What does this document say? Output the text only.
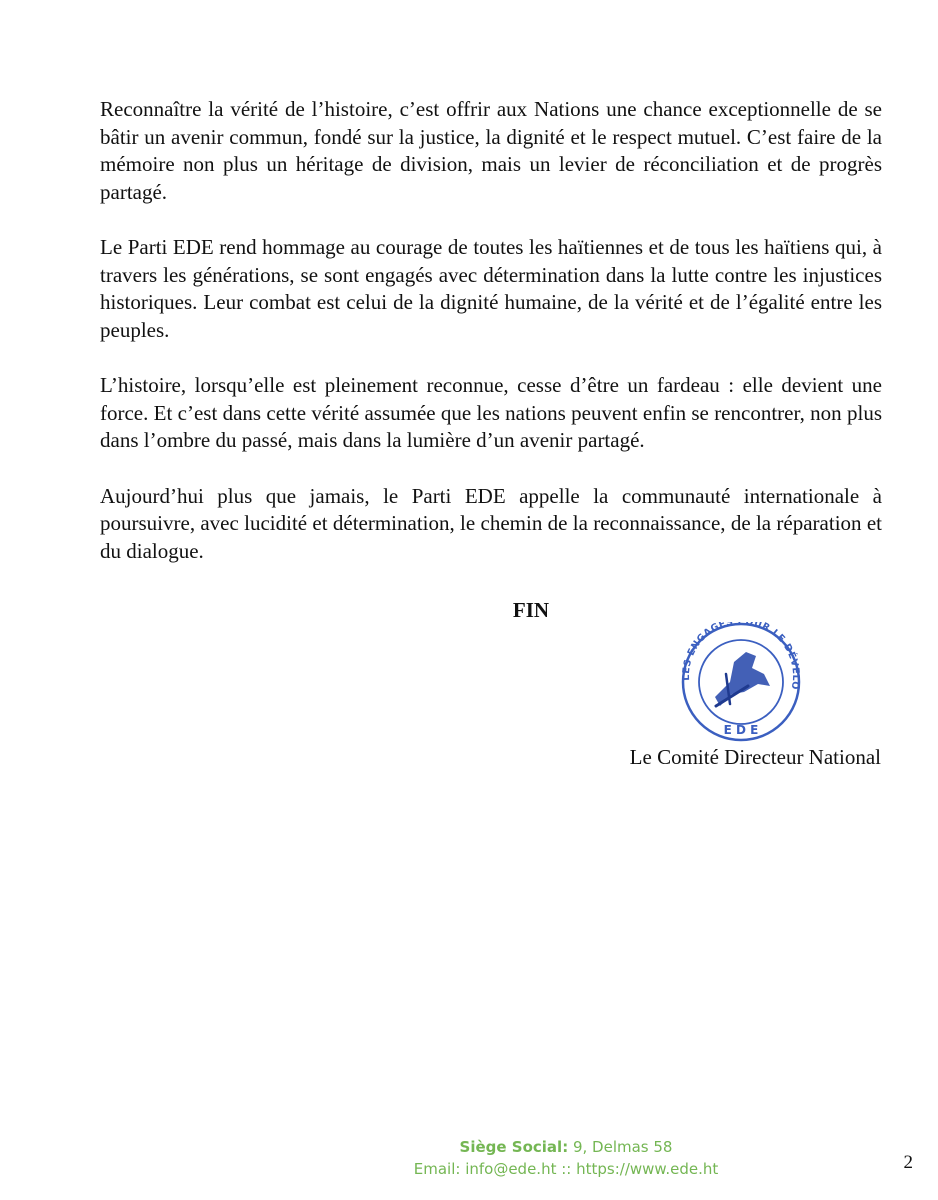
Reconnaître la vérité de l’histoire, c’est offrir aux Nations une chance exceptionnelle de se bâtir un avenir commun, fondé sur la justice, la dignité et le respect mutuel. C’est faire de la mémoire non plus un héritage de division, mais un levier de réconciliation et de progrès partagé.

Le Parti EDE rend hommage au courage de toutes les haïtiennes et de tous les haïtiens qui, à travers les générations, se sont engagés avec détermination dans la lutte contre les injustices historiques. Leur combat est celui de la dignité humaine, de la vérité et de l’égalité entre les peuples.

L’histoire, lorsqu’elle est pleinement reconnue, cesse d’être un fardeau : elle devient une force. Et c’est dans cette vérité assumée que les nations peuvent enfin se rencontrer, non plus dans l’ombre du passé, mais dans la lumière d’un avenir partagé.

Aujourd’hui plus que jamais, le Parti EDE appelle la communauté internationale à poursuivre, avec lucidité et détermination, le chemin de la reconnaissance, de la réparation et du dialogue.

FIN
LES ENGAGÉS OUR LE DÉVELO
E D E
Le Comité Directeur National
Siège Social: 9, Delmas 58
Email: info@ede.ht :: https://www.ede.ht	2
